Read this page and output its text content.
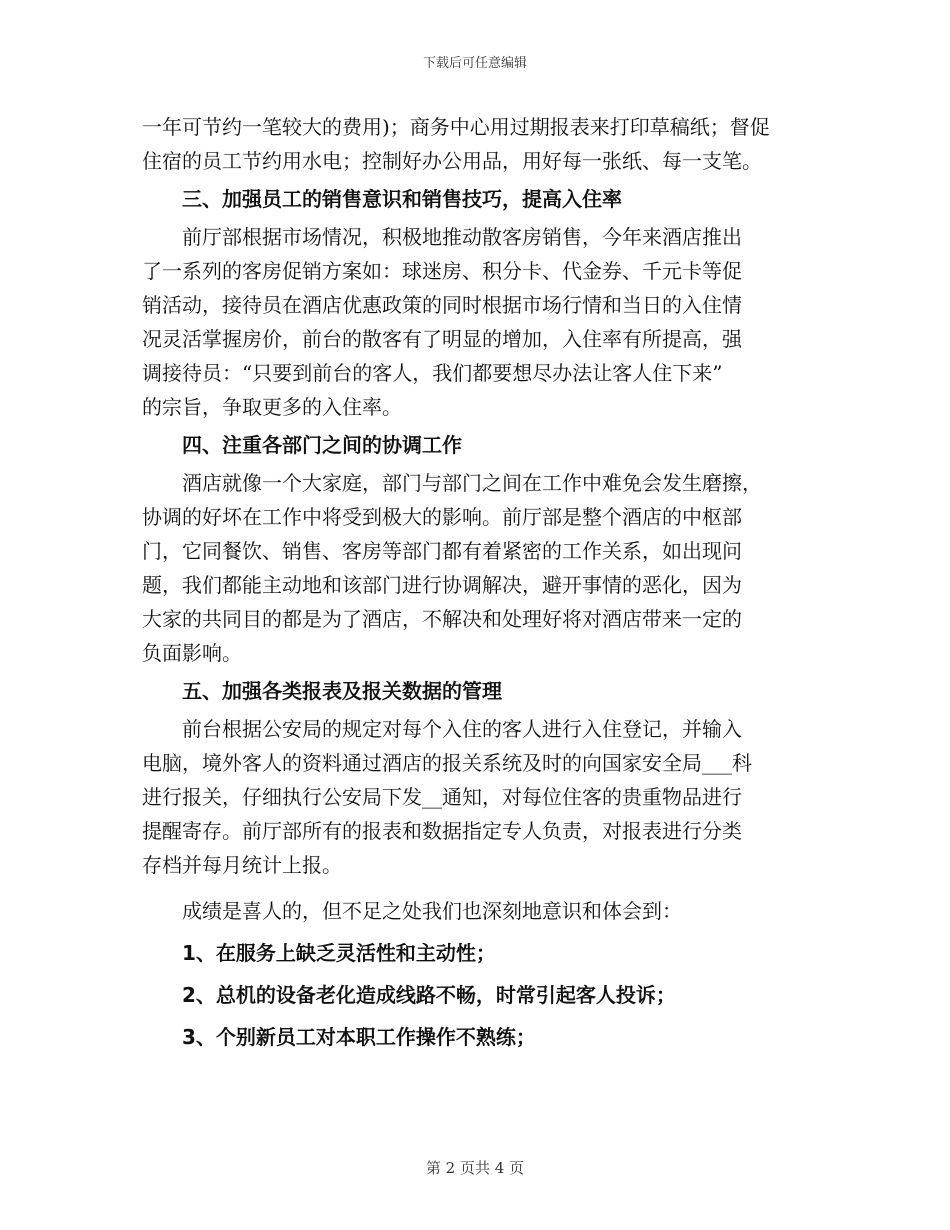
下载后可任意编辑
一年可节约一笔较大的费用)；商务中心用过期报表来打印草稿纸；督促
住宿的员工节约用水电；控制好办公用品，用好每一张纸、每一支笔。
三、加强员工的销售意识和销售技巧，提高入住率
前厅部根据市场情况，积极地推动散客房销售，今年来酒店推出
了一系列的客房促销方案如：球迷房、积分卡、代金券、千元卡等促
销活动，接待员在酒店优惠政策的同时根据市场行情和当日的入住情
况灵活掌握房价，前台的散客有了明显的增加，入住率有所提高，强
调接待员：“只要到前台的客人，我们都要想尽办法让客人住下来”
的宗旨，争取更多的入住率。
四、注重各部门之间的协调工作
酒店就像一个大家庭，部门与部门之间在工作中难免会发生磨擦，
协调的好坏在工作中将受到极大的影响。前厅部是整个酒店的中枢部
门，它同餐饮、销售、客房等部门都有着紧密的工作关系，如出现问
题，我们都能主动地和该部门进行协调解决，避开事情的恶化，因为
大家的共同目的都是为了酒店，不解决和处理好将对酒店带来一定的
负面影响。
五、加强各类报表及报关数据的管理
前台根据公安局的规定对每个入住的客人进行入住登记，并输入
电脑，境外客人的资料通过酒店的报关系统及时的向国家安全局___科
进行报关，仔细执行公安局下发__通知，对每位住客的贵重物品进行
提醒寄存。前厅部所有的报表和数据指定专人负责，对报表进行分类
存档并每月统计上报。
成绩是喜人的，但不足之处我们也深刻地意识和体会到：
1、在服务上缺乏灵活性和主动性；
2、总机的设备老化造成线路不畅，时常引起客人投诉；
3、个别新员工对本职工作操作不熟练；
第 2 页共 4 页
